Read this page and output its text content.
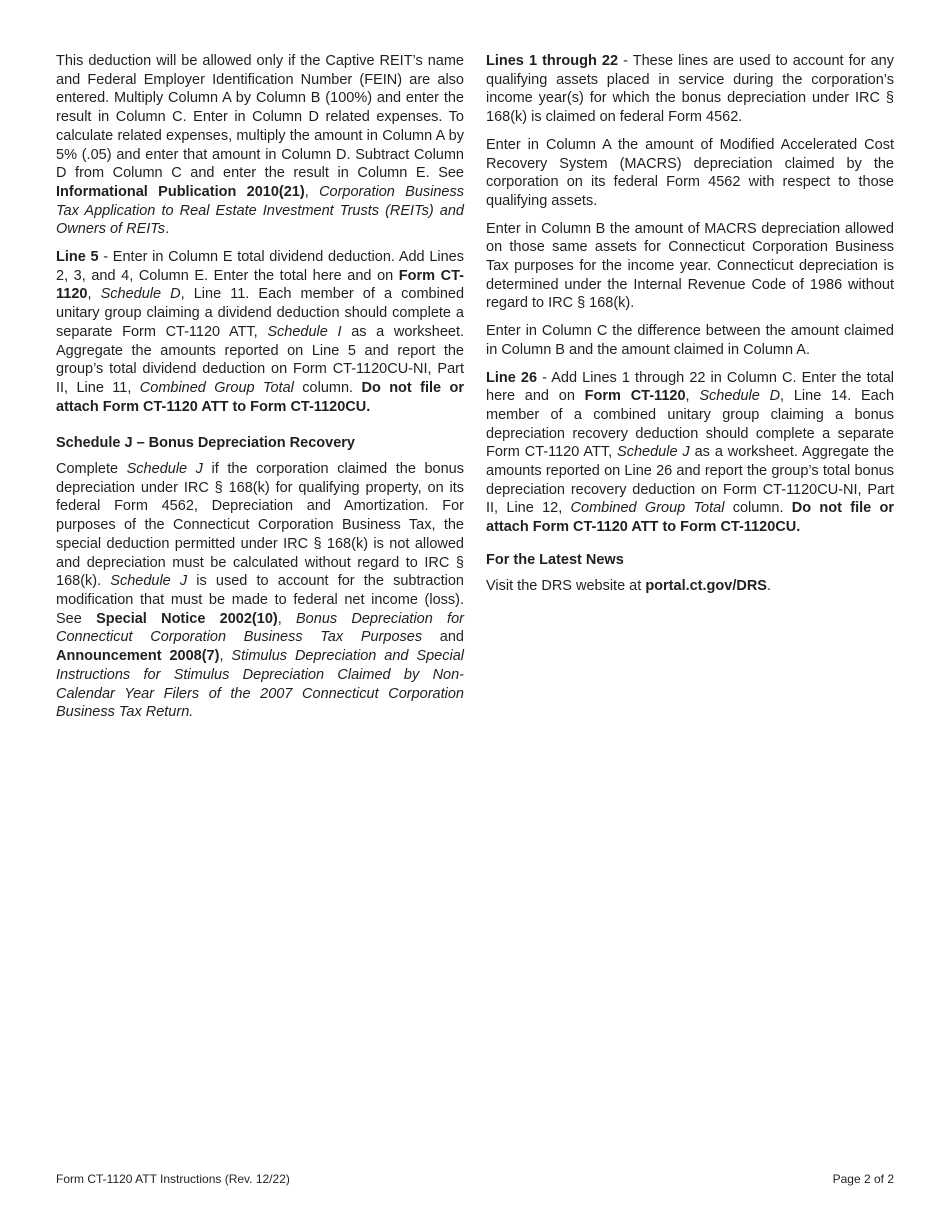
This deduction will be allowed only if the Captive REIT’s name and Federal Employer Identification Number (FEIN) are also entered. Multiply Column A by Column B (100%) and enter the result in Column C. Enter in Column D related expenses. To calculate related expenses, multiply the amount in Column A by 5% (.05) and enter that amount in Column D. Subtract Column D from Column C and enter the result in Column E. See Informational Publication 2010(21), Corporation Business Tax Application to Real Estate Investment Trusts (REITs) and Owners of REITs.

Line 5 - Enter in Column E total dividend deduction. Add Lines 2, 3, and 4, Column E. Enter the total here and on Form CT-1120, Schedule D, Line 11. Each member of a combined unitary group claiming a dividend deduction should complete a separate Form CT-1120 ATT, Schedule I as a worksheet. Aggregate the amounts reported on Line 5 and report the group’s total dividend deduction on Form CT-1120CU-NI, Part II, Line 11, Combined Group Total column. Do not file or attach Form CT-1120 ATT to Form CT-1120CU.

Schedule J – Bonus Depreciation Recovery

Complete Schedule J if the corporation claimed the bonus depreciation under IRC § 168(k) for qualifying property, on its federal Form 4562, Depreciation and Amortization. For purposes of the Connecticut Corporation Business Tax, the special deduction permitted under IRC § 168(k) is not allowed and depreciation must be calculated without regard to IRC § 168(k). Schedule J is used to account for the subtraction modification that must be made to federal net income (loss). See Special Notice 2002(10), Bonus Depreciation for Connecticut Corporation Business Tax Purposes and Announcement 2008(7), Stimulus Depreciation and Special Instructions for Stimulus Depreciation Claimed by Non-Calendar Year Filers of the 2007 Connecticut Corporation Business Tax Return.

Lines 1 through 22 - These lines are used to account for any qualifying assets placed in service during the corporation’s income year(s) for which the bonus depreciation under IRC § 168(k) is claimed on federal Form 4562.

Enter in Column A the amount of Modified Accelerated Cost Recovery System (MACRS) depreciation claimed by the corporation on its federal Form 4562 with respect to those qualifying assets.

Enter in Column B the amount of MACRS depreciation allowed on those same assets for Connecticut Corporation Business Tax purposes for the income year. Connecticut depreciation is determined under the Internal Revenue Code of 1986 without regard to IRC § 168(k).

Enter in Column C the difference between the amount claimed in Column B and the amount claimed in Column A.

Line 26 - Add Lines 1 through 22 in Column C. Enter the total here and on Form CT-1120, Schedule D, Line 14. Each member of a combined unitary group claiming a bonus depreciation recovery deduction should complete a separate Form CT-1120 ATT, Schedule J as a worksheet. Aggregate the amounts reported on Line 26 and report the group’s total bonus depreciation recovery deduction on Form CT-1120CU-NI, Part II, Line 12, Combined Group Total column. Do not file or attach Form CT-1120 ATT to Form CT-1120CU.

For the Latest News

Visit the DRS website at portal.ct.gov/DRS.

Form CT-1120 ATT Instructions (Rev. 12/22)	Page 2 of 2
